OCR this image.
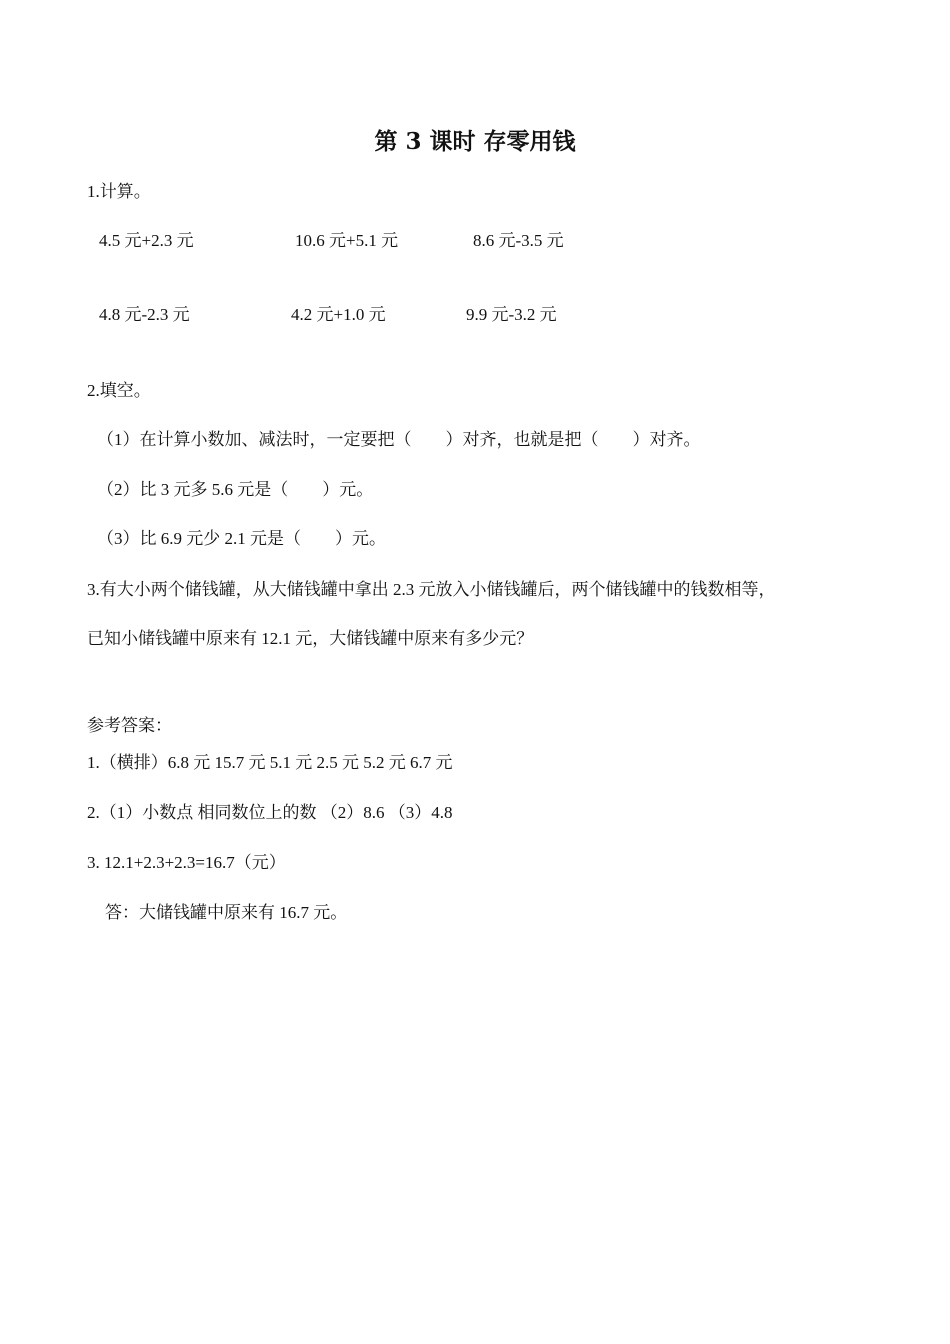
第 3 课时 存零用钱
1.计算。
4.5 元+2.3 元	10.6 元+5.1 元	8.6 元-3.5 元
4.8 元-2.3 元	4.2 元+1.0 元	9.9 元-3.2 元
2.填空。
（1）在计算小数加、减法时，一定要把（　　）对齐，也就是把（　　）对齐。
（2）比 3 元多 5.6 元是（　　）元。
（3）比 6.9 元少 2.1 元是（　　）元。
3.有大小两个储钱罐，从大储钱罐中拿出 2.3 元放入小储钱罐后，两个储钱罐中的钱数相等，
已知小储钱罐中原来有 12.1 元，大储钱罐中原来有多少元？
参考答案：
1.（横排）6.8 元 15.7 元 5.1 元 2.5 元 5.2 元 6.7 元
2.（1）小数点 相同数位上的数 （2）8.6 （3）4.8
3. 12.1+2.3+2.3=16.7（元）
答：大储钱罐中原来有 16.7 元。
